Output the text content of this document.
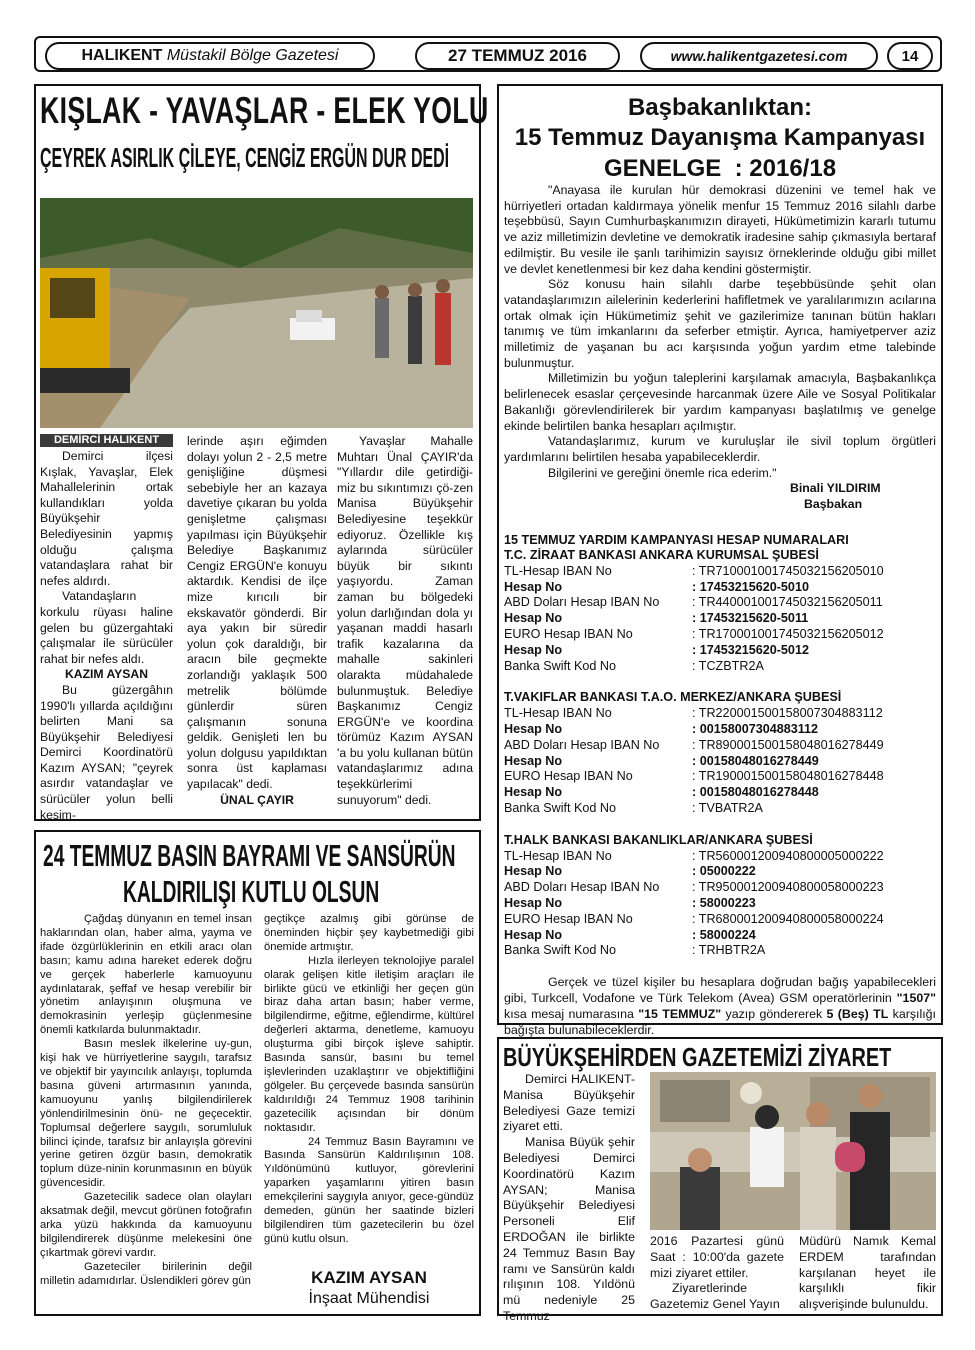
HALIKENT
Müstakil Bölge Gazetesi	27 TEMMUZ 2016	www.halikentgazetesi.com	14
KIŞLAK - YAVAŞLAR - ELEK YOLU
ÇEYREK ASIRLIK ÇİLEYE, CENGİZ ERGÜN DUR DEDİ
DEMİRCİ HALIKENT

Demirci ilçesi Kışlak, Yavaşlar, Elek Mahallelerinin ortak kullandıkları yolda Büyükşehir Belediyesinin yapmış olduğu çalışma vatandaşlara rahat bir nefes aldırdı.

Vatandaşların korkulu rüyası haline gelen bu güzergahtaki çalışmalar ile sürücüler rahat bir nefes aldı.

KAZIM AYSAN

Bu güzergâhın 1990'lı yıllarda açıldığını belirten Mani sa Büyükşehir Belediyesi Demirci Koordinatörü Kazım AYSAN; "çeyrek asırdır vatandaşlar ve sürücüler yolun belli kesim-

lerinde aşırı eğimden dolayı yolun 2 - 2,5 metre genişliğine düşmesi sebebiyle her an kazaya davetiye çıkaran bu yolda genişletme çalışması yapılması için Büyükşehir Belediye Başkanımız Cengiz ERGÜN'e konuyu aktardık. Kendisi de ilçe mize kırıcılı bir ekskavatör gönderdi. Bir aya yakın bir süredir yolun çok daraldığı, bir aracın bile geçmekte zorlandığı yaklaşık 500 metrelik bölümde günlerdir süren çalışmanın sonuna geldik. Genişleti len bu yolun dolgusu yapıldıktan sonra üst kaplaması yapılacak" dedi.

ÜNAL ÇAYIR

Yavaşlar Mahalle Muhtarı Ünal ÇAYIR'da "Yıllardır dile getirdiği- miz bu sıkıntımızı çö-zen Manisa Büyükşehir Belediyesine teşekkür ediyoruz. Özellikle kış aylarında sürücüler büyük bir sıkıntı yaşıyordu. Zaman zaman bu bölgedeki yolun darlığından dola yı yaşanan maddi hasarlı trafik kazalarına da mahalle sakinleri olarakta müdahalede bulunmuştuk. Belediye Başkanımız Cengiz ERGÜN'e ve koordina törümüz Kazım AYSAN 'a bu yolu kullanan bütün vatandaşlarımız adına teşekkürlerimi sunuyorum" dedi.

Başbakanlıktan:
15 Temmuz Dayanışma Kampanyası
GENELGE  : 2016/18

"Anayasa ile kurulan hür demokrasi düzenini ve temel hak ve hürriyetleri ortadan kaldırmaya yönelik menfur 15 Temmuz 2016 silahlı darbe teşebbüsü, Sayın Cumhurbaşkanımızın dirayeti, Hükümetimizin kararlı tutumu ve aziz milletimizin devletine ve demokratik iradesine sahip çıkmasıyla bertaraf edilmiştir. Bu vesile ile şanlı tarihimizin sayısız örneklerinde olduğu gibi millet ve devlet kenetlenmesi bir kez daha kendini göstermiştir.

Söz konusu hain silahlı darbe teşebbüsünde şehit olan vatandaşlarımızın ailelerinin kederlerini hafifletmek ve yaralılarımızın acılarına ortak olmak için Hükümetimiz şehit ve gazilerimize tanınan bütün hakları tanımış ve tüm imkanlarını da seferber etmiştir. Ayrıca, hamiyetperver aziz milletimiz de yaşanan bu acı karşısında yoğun yardım etme talebinde bulunmuştur.

Milletimizin bu yoğun taleplerini karşılamak amacıyla, Başbakanlıkça belirlenecek esaslar çerçevesinde harcanmak üzere Aile ve Sosyal Politikalar Bakanlığı görevlendirilerek bir yardım kampanyası başlatılmış ve genelge ekinde belirtilen banka hesapları açılmıştır.

Vatandaşlarımız, kurum ve kuruluşlar ile sivil toplum örgütleri yardımlarını belirtilen hesaba yapabileceklerdir.

Bilgilerini ve gereğini önemle rica ederim."

Binali YILDIRIM
Başbakan
15 TEMMUZ YARDIM KAMPANYASI HESAP NUMARALARI
T.C. ZİRAAT BANKASI ANKARA KURUMSAL ŞUBESİ
TL-Hesap IBAN No	: TR710001001745032156205010
Hesap No	: 17453215620-5010
ABD Doları Hesap IBAN No	: TR440001001745032156205011
Hesap No	: 17453215620-5011
EURO Hesap IBAN No	: TR170001001745032156205012
Hesap No	: 17453215620-5012
Banka Swift Kod No	: TCZBTR2A
T.VAKIFLAR BANKASI T.A.O. MERKEZ/ANKARA ŞUBESİ
TL-Hesap IBAN No	: TR220001500158007304883112
Hesap No	: 00158007304883112
ABD Doları Hesap IBAN No	: TR890001500158048016278449
Hesap No	: 00158048016278449
EURO Hesap IBAN No	: TR190001500158048016278448
Hesap No	: 00158048016278448
Banka Swift Kod No	: TVBATR2A
T.HALK BANKASI BAKANLIKLAR/ANKARA ŞUBESİ
TL-Hesap IBAN No	: TR560001200940800005000222
Hesap No	: 05000222
ABD Doları Hesap IBAN No	: TR950001200940800058000223
Hesap No	: 58000223
EURO Hesap IBAN No	: TR680001200940800058000224
Hesap No	: 58000224
Banka Swift Kod No	: TRHBTR2A
Gerçek ve tüzel kişiler bu hesaplara doğrudan bağış yapabilecekleri gibi, Turkcell, Vodafone ve Türk Telekom (Avea) GSM operatörlerinin "1507" kısa mesaj numarasına "15 TEMMUZ" yazıp göndererek 5 (Beş) TL karşılığı bağışta bulunabileceklerdir.
24 TEMMUZ BASIN BAYRAMI VE SANSÜRÜN
KALDIRILIŞI KUTLU OLSUN

Çağdaş dünyanın en temel insan haklarından olan, haber alma, yayma ve ifade özgürlüklerinin en etkili aracı olan basın; kamu adına hareket ederek doğru ve gerçek haberlerle kamuoyunu aydınlatarak, şeffaf ve hesap verebilir bir yönetim anlayışının oluşmuna ve demokrasinin yerleşip güçlenmesine önemli katkılarda bulunmaktadır.

Basın meslek ilkelerine uy-gun, kişi hak ve hürriyetlerine saygılı, tarafsız ve objektif bir yayıncılık anlayışı, toplumda basına güveni artırmasının yanında, kamuoyunu yanlış bilgilendirilerek yönlendirilmesinin önü- ne geçecektir. Toplumsal değerlere saygılı, sorumluluk bilinci içinde, tarafsız bir anlayışla görevini yerine getiren özgür basın, demokratik toplum düze-ninin korunmasının en büyük güvencesidir.

Gazetecilik sadece olan olayları aksatmak değil, mevcut görünen fotoğrafın arka yüzü hakkında da kamuoyunu bilgilendirerek düşünme melekesini öne çıkartmak görevi vardır.

Gazeteciler birilerinin değil milletin adamıdırlar. Üslendikleri görev gün

geçtikçe azalmış gibi görünse de öneminden hiçbir şey kaybetmediği gibi önemide artmıştır.

Hızla ilerleyen teknolojiye paralel olarak gelişen kitle iletişim araçları ile birlikte gücü ve etkinliği her geçen gün biraz daha artan basın; haber verme, bilgilendirme, eğitme, eğlendirme, kültürel değerleri aktarma, denetleme, kamuoyu oluşturma gibi birçok işleve sahiptir. Basında sansür, basını bu temel işlevlerinden uzaklaştırır ve objektifliğini gölgeler. Bu çerçevede basında sansürün kaldırıldığı 24 Temmuz 1908 tarihinin gazetecilik açısından bir dönüm noktasıdır.

24 Temmuz Basın Bayramını ve Basında Sansürün Kaldırılışının 108. Yıldönümünü kutluyor, görevlerini yaparken yaşamlarını yitiren basın emekçilerini saygıyla anıyor, gece-gündüz demeden, günün her saatinde bizleri bilgilendiren tüm gazetecilerin bu özel günü kutlu olsun.

KAZIM AYSAN
İnşaat Mühendisi
BÜYÜKŞEHİRDEN GAZETEMİZİ ZİYARET

Demirci HALIKENT- Manisa Büyükşehir Belediyesi Gaze temizi ziyaret etti.

Manisa Büyük şehir Belediyesi Demirci Koordinatörü Kazım AYSAN; Manisa Büyükşehir Belediyesi Personeli Elif ERDOĞAN ile birlikte 24 Temmuz Basın Bay ramı ve Sansürün kaldı rılışının 108. Yıldönü mü nedeniyle 25 Temmuz

2016 Pazartesi günü Saat : 10:00'da gazete mizi ziyaret ettiler.

Ziyaretlerinde Gazetemiz Genel Yayın

Müdürü Namık Kemal ERDEM tarafından karşılanan heyet ile karşılıklı fikir alışverişinde bulunuldu.
